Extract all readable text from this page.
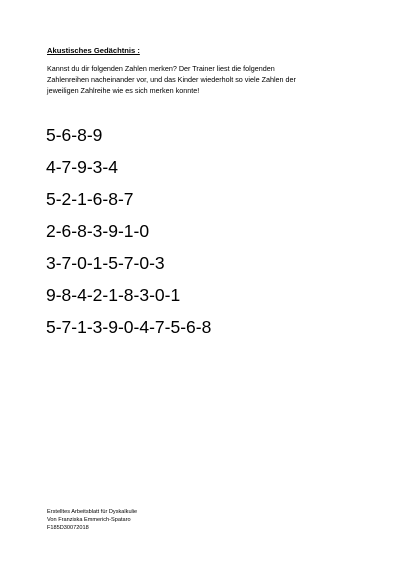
Akustisches Gedächtnis :
Kannst du dir folgenden Zahlen merken? Der Trainer liest die folgenden
Zahlenreihen nacheinander vor, und das Kinder wiederholt so viele Zahlen der
jeweiligen Zahlreihe wie es sich merken konnte!
5-6-8-9
4-7-9-3-4
5-2-1-6-8-7
2-6-8-3-9-1-0
3-7-0-1-5-7-0-3
9-8-4-2-1-8-3-0-1
5-7-1-3-9-0-4-7-5-6-8
Erstelltes Arbeitsblatt für Dyskalkulie
Von Franziska Emmerich-Spataro
F185D30072018
